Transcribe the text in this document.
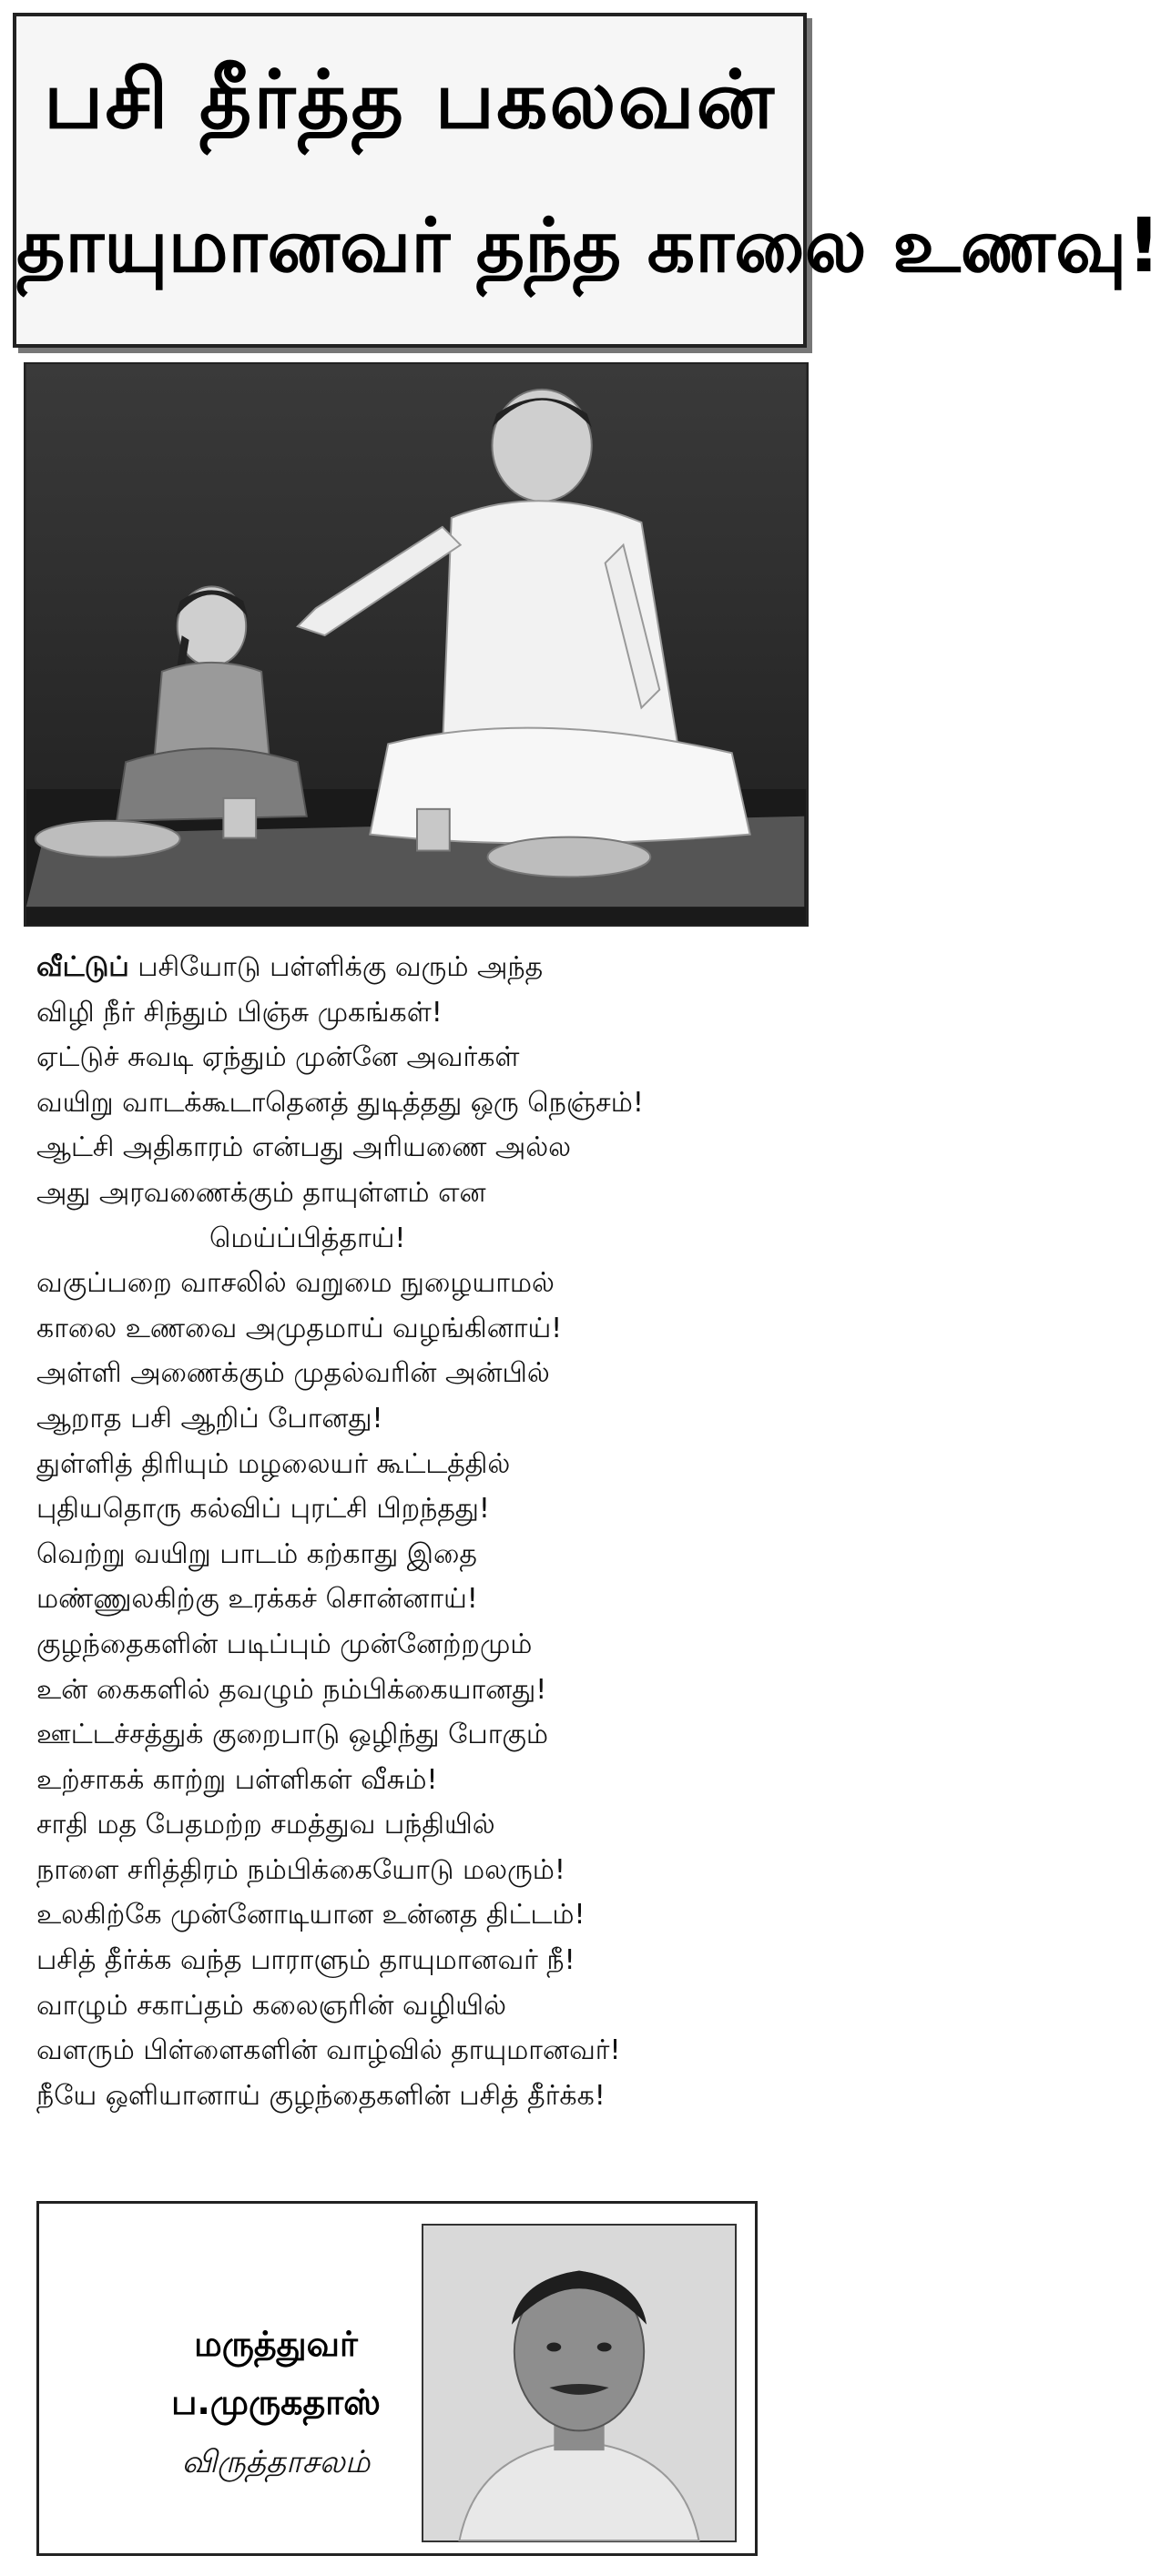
பசி தீர்த்த பகலவன்
தாயுமானவர் தந்த காலை உணவு!
வீட்டுப் பசியோடு பள்ளிக்கு வரும் அந்த
விழி நீர் சிந்தும் பிஞ்சு முகங்கள்!
ஏட்டுச் சுவடி ஏந்தும் முன்னே அவர்கள்
வயிறு வாடக்கூடாதெனத் துடித்தது ஒரு நெஞ்சம்!
ஆட்சி அதிகாரம் என்பது அரியணை அல்ல
அது அரவணைக்கும் தாயுள்ளம் என
மெய்ப்பித்தாய்!
வகுப்பறை வாசலில் வறுமை நுழையாமல்
காலை உணவை அமுதமாய் வழங்கினாய்!
அள்ளி அணைக்கும் முதல்வரின் அன்பில்
ஆறாத பசி ஆறிப் போனது!
துள்ளித் திரியும் மழலையர் கூட்டத்தில்
புதியதொரு கல்விப் புரட்சி பிறந்தது!
வெற்று வயிறு பாடம் கற்காது இதை
மண்ணுலகிற்கு உரக்கச் சொன்னாய்!
குழந்தைகளின் படிப்பும் முன்னேற்றமும்
உன் கைகளில் தவழும் நம்பிக்கையானது!
ஊட்டச்சத்துக் குறைபாடு ஒழிந்து போகும்
உற்சாகக் காற்று பள்ளிகள் வீசும்!
சாதி மத பேதமற்ற சமத்துவ பந்தியில்
நாளை சரித்திரம் நம்பிக்கையோடு மலரும்!
உலகிற்கே முன்னோடியான உன்னத திட்டம்!
பசித் தீர்க்க வந்த பாராளும் தாயுமானவர் நீ!
வாழும் சகாப்தம் கலைஞரின் வழியில்
வளரும் பிள்ளைகளின் வாழ்வில் தாயுமானவர்!
நீயே ஒளியானாய் குழந்தைகளின் பசித் தீர்க்க!
மருத்துவர்
ப.முருகதாஸ்
விருத்தாசலம்
